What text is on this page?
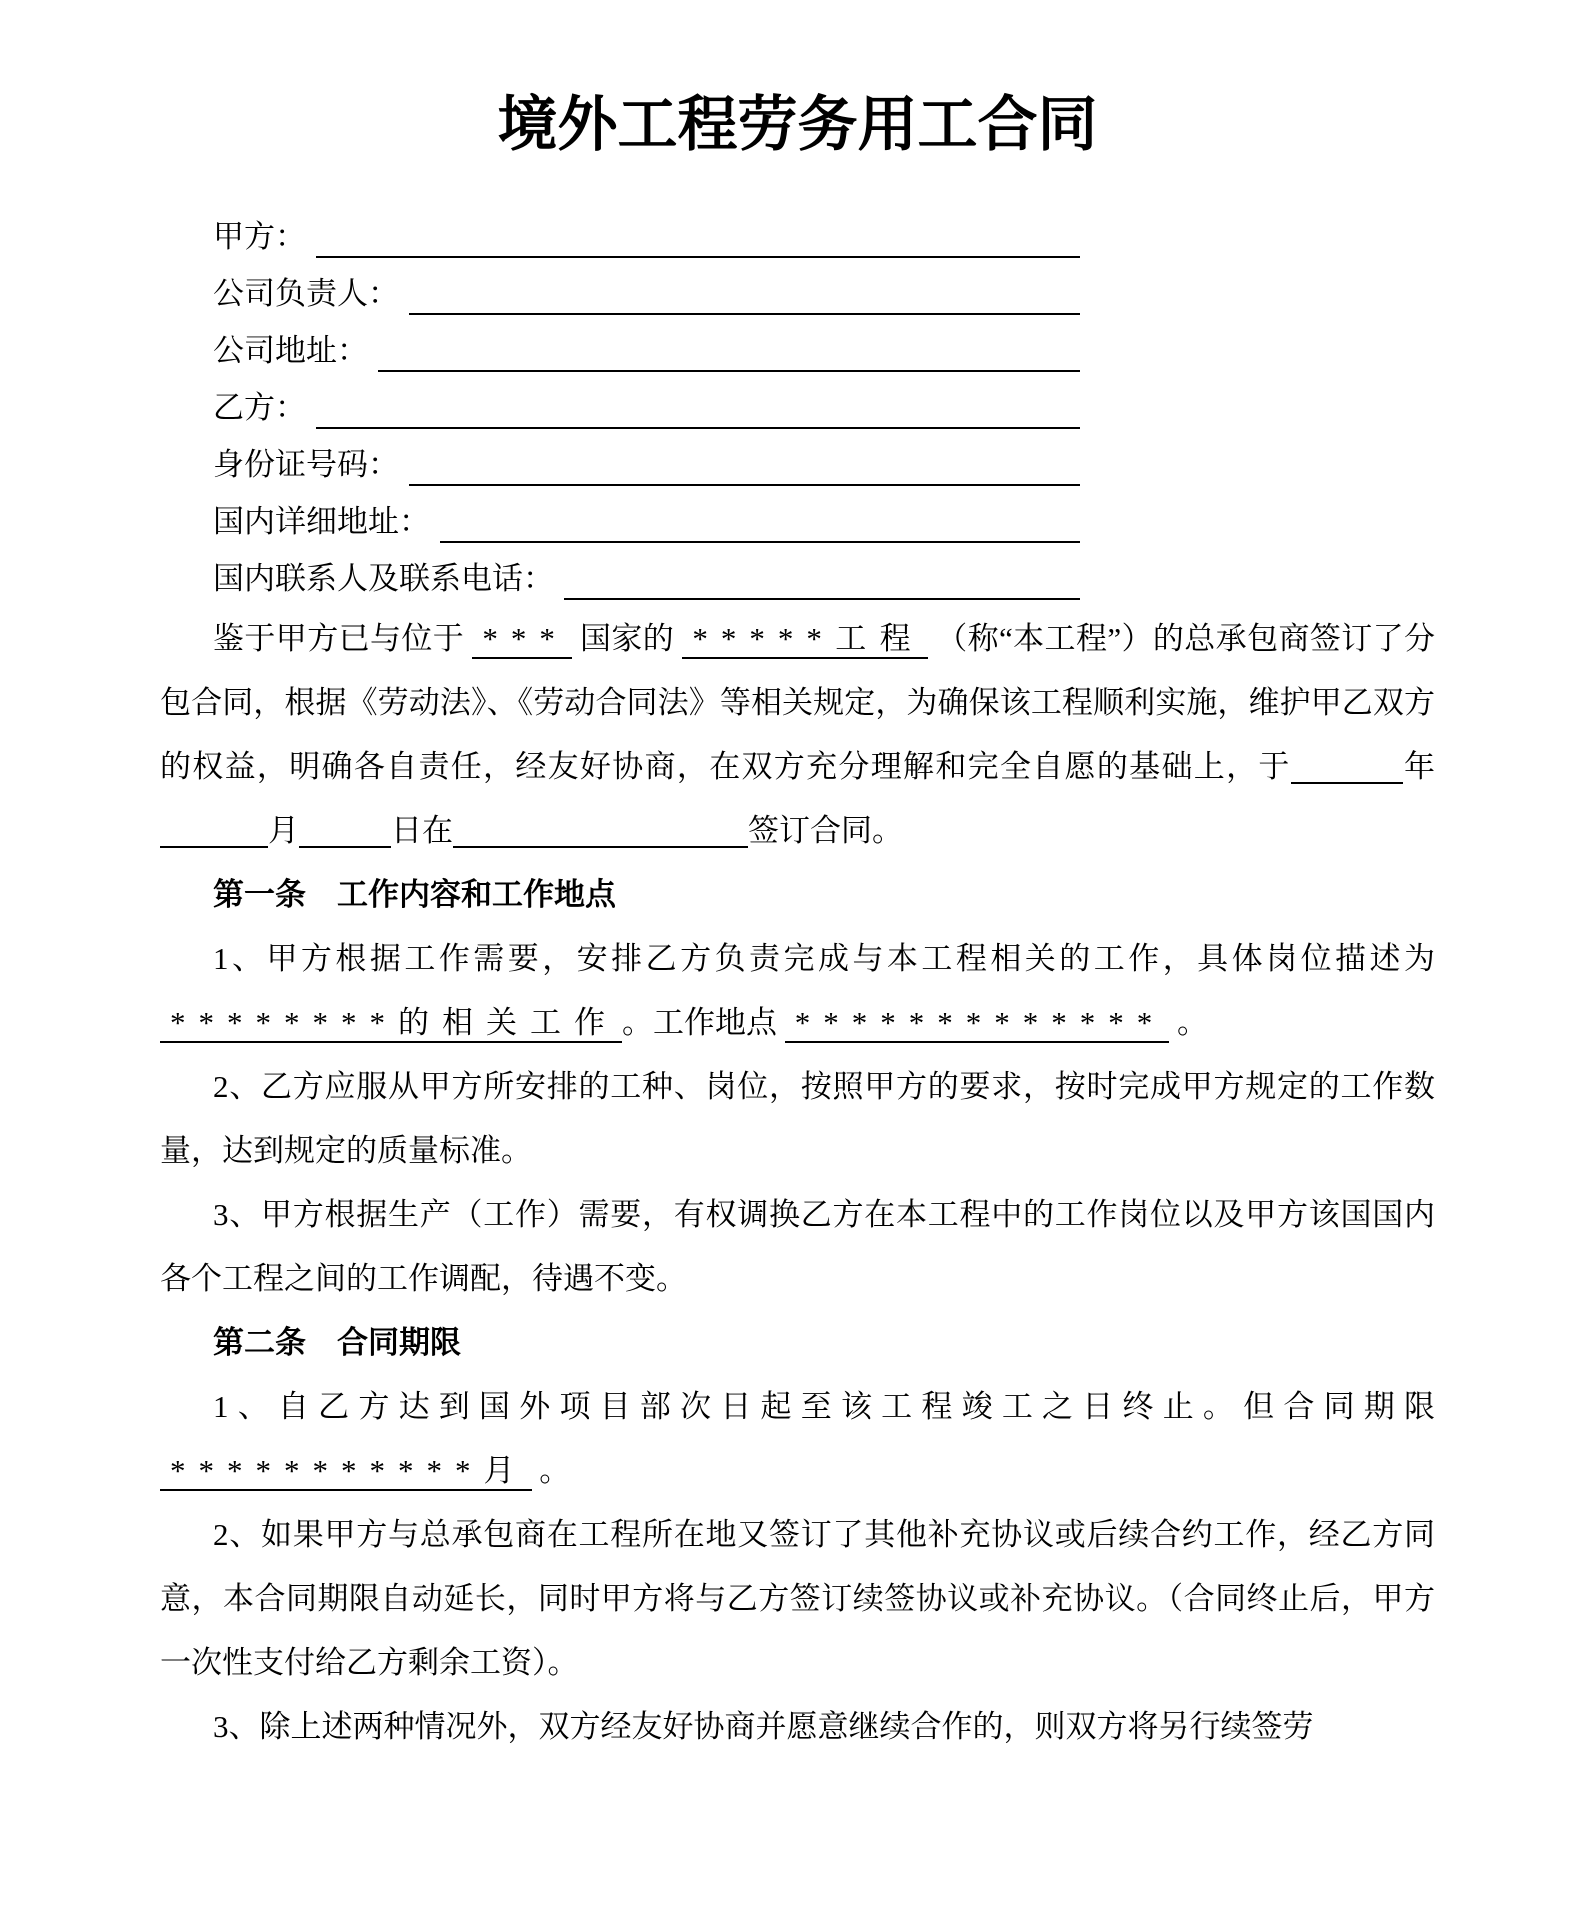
境外工程劳务用工合同
甲方：
公司负责人：
公司地址：
乙方：
身份证号码：
国内详细地址：
国内联系人及联系电话：

鉴于甲方已与位于 *** 国家的 *****工程 （称“本工程”）的总承包商签订了分包合同，根据《劳动法》、《劳动合同法》等相关规定，为确保该工程顺利实施，维护甲乙双方的权益，明确各自责任，经友好协商，在双方充分理解和完全自愿的基础上，于	年月	日在	签订合同。

第一条 工作内容和工作地点

1、甲方根据工作需要，安排乙方负责完成与本工程相关的工作，具体岗位描述为********的相关工作 。工作地点 ************* 。

2、乙方应服从甲方所安排的工种、岗位，按照甲方的要求，按时完成甲方规定的工作数量，达到规定的质量标准。

3、甲方根据生产（工作）需要，有权调换乙方在本工程中的工作岗位以及甲方该国国内各个工程之间的工作调配，待遇不变。

第二条 合同期限

1、自乙方达到国外项目部次日起至该工程竣工之日终止。但合同期限***********月 。

2、如果甲方与总承包商在工程所在地又签订了其他补充协议或后续合约工作，经乙方同意，本合同期限自动延长，同时甲方将与乙方签订续签协议或补充协议。（合同终止后，甲方一次性支付给乙方剩余工资）。

3、除上述两种情况外，双方经友好协商并愿意继续合作的，则双方将另行续签劳
